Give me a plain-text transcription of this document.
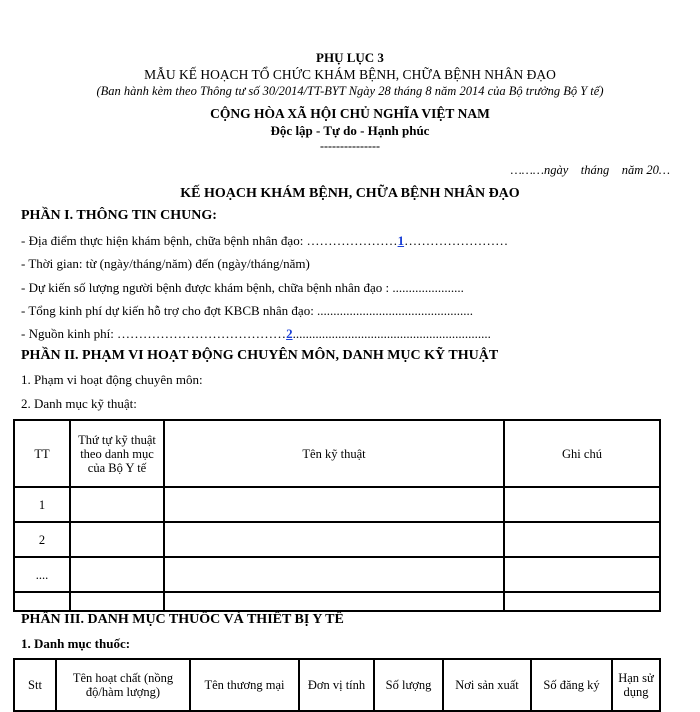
PHỤ LỤC 3
MẪU KẾ HOẠCH TỔ CHỨC KHÁM BỆNH, CHỮA BỆNH NHÂN ĐẠO
(Ban hành kèm theo Thông tư số 30/2014/TT-BYT Ngày 28 tháng 8 năm 2014 của Bộ trưởng Bộ Y tế)
CỘNG HÒA XÃ HỘI CHỦ NGHĨA VIỆT NAM
Độc lập - Tự do - Hạnh phúc
---------------
………ngày    tháng    năm 20…
KẾ HOẠCH KHÁM BỆNH, CHỮA BỆNH NHÂN ĐẠO
PHẦN I. THÔNG TIN CHUNG:
- Địa điểm thực hiện khám bệnh, chữa bệnh nhân đạo: …………………1……………………
- Thời gian: từ (ngày/tháng/năm) đến (ngày/tháng/năm)
- Dự kiến số lượng người bệnh được khám bệnh, chữa bệnh nhân đạo : ......................
- Tổng kinh phí dự kiến hỗ trợ cho đợt KBCB nhân đạo: ................................................
- Nguồn kinh phí: …………………………………2.............................................................
PHẦN II. PHẠM VI HOẠT ĐỘNG CHUYÊN MÔN, DANH MỤC KỸ THUẬT
1. Phạm vi hoạt động chuyên môn:
2. Danh mục kỹ thuật:
TT	Thứ tự kỹ thuật theo danh mục của Bộ Y tế	Tên kỹ thuật	Ghi chú
1			
2			
....			

PHẦN III. DANH MỤC THUỐC VÀ THIẾT BỊ Y TẾ
1. Danh mục thuốc:
Stt	Tên hoạt chất (nồng độ/hàm lượng)	Tên thương mại	Đơn vị tính	Số lượng	Nơi sản xuất	Số đăng ký	Hạn sử dụng
